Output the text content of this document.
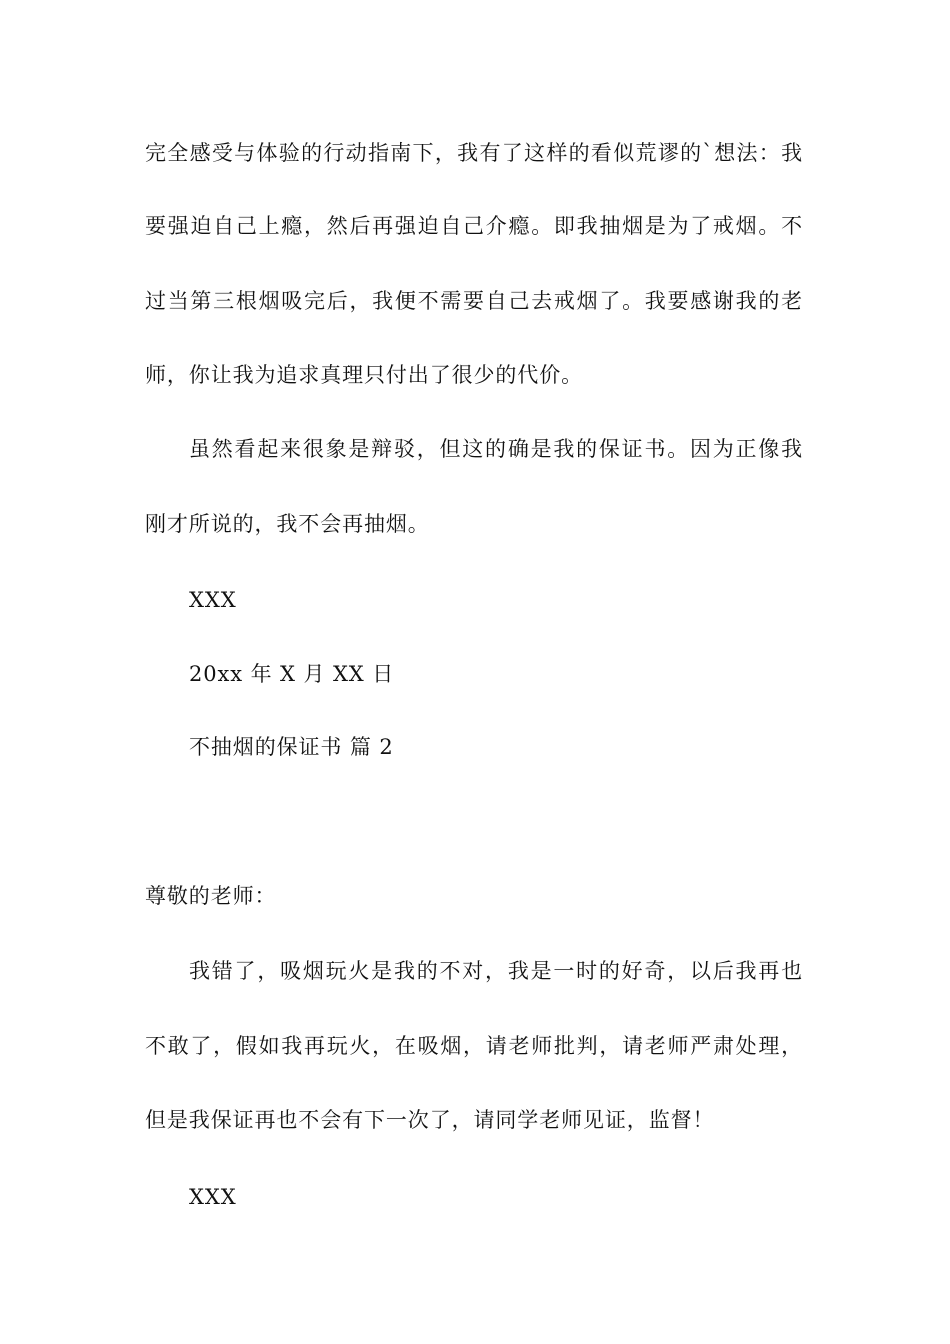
完全感受与体验的行动指南下，我有了这样的看似荒谬的`想法：我
要强迫自己上瘾，然后再强迫自己介瘾。即我抽烟是为了戒烟。不
过当第三根烟吸完后，我便不需要自己去戒烟了。我要感谢我的老
师，你让我为追求真理只付出了很少的代价。
虽然看起来很象是辩驳，但这的确是我的保证书。因为正像我
刚才所说的，我不会再抽烟。
XXX
20xx 年 X 月 XX 日
不抽烟的保证书 篇 2
尊敬的老师：
我错了，吸烟玩火是我的不对，我是一时的好奇，以后我再也
不敢了，假如我再玩火，在吸烟，请老师批判，请老师严肃处理，
但是我保证再也不会有下一次了，请同学老师见证，监督！
XXX
